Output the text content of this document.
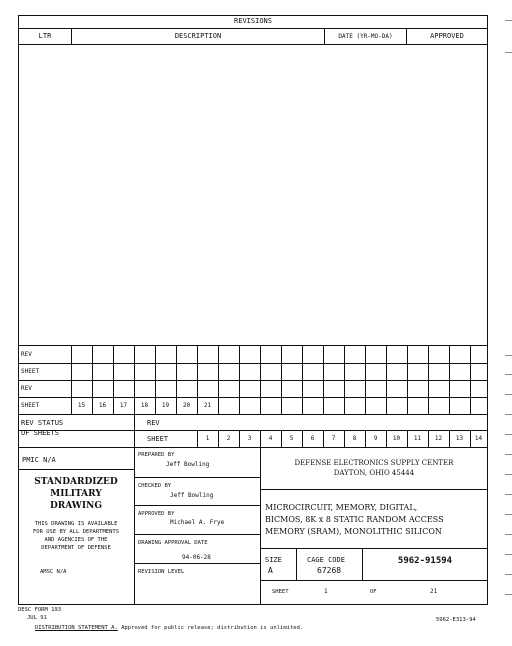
REVISIONS
LTR	DESCRIPTION	DATE (YR-MO-DA)	APPROVED
REV
SHEET
REV
SHEET	15	16	17	18	19	20	21
REV STATUS
OF SHEETS
REV
SHEET	1	2	3	4	5	6	7	8	9	10	11	12	13	14
PMIC N/A
STANDARDIZED
MILITARY
DRAWING
THIS DRAWING IS AVAILABLE
FOR USE BY ALL DEPARTMENTS
AND AGENCIES OF THE
DEPARTMENT OF DEFENSE
AMSC N/A
PREPARED BY
Jeff Bowling
CHECKED BY
Jeff Bowling
APPROVED BY
Michael A. Frye
DRAWING APPROVAL DATE
94-06-28
REVISION LEVEL
DEFENSE ELECTRONICS SUPPLY CENTER
DAYTON, OHIO 45444
MICROCIRCUIT, MEMORY, DIGITAL,
BICMOS, 8K x 8 STATIC RANDOM ACCESS
MEMORY (SRAM), MONOLITHIC SILICON
SIZE
A
CAGE CODE
67268
5962-91594
SHEET	1	OF	21
DESC FORM 193
JUL 91
DISTRIBUTION STATEMENT A. Approved for public release; distribution is unlimited.
5962-E313-94
